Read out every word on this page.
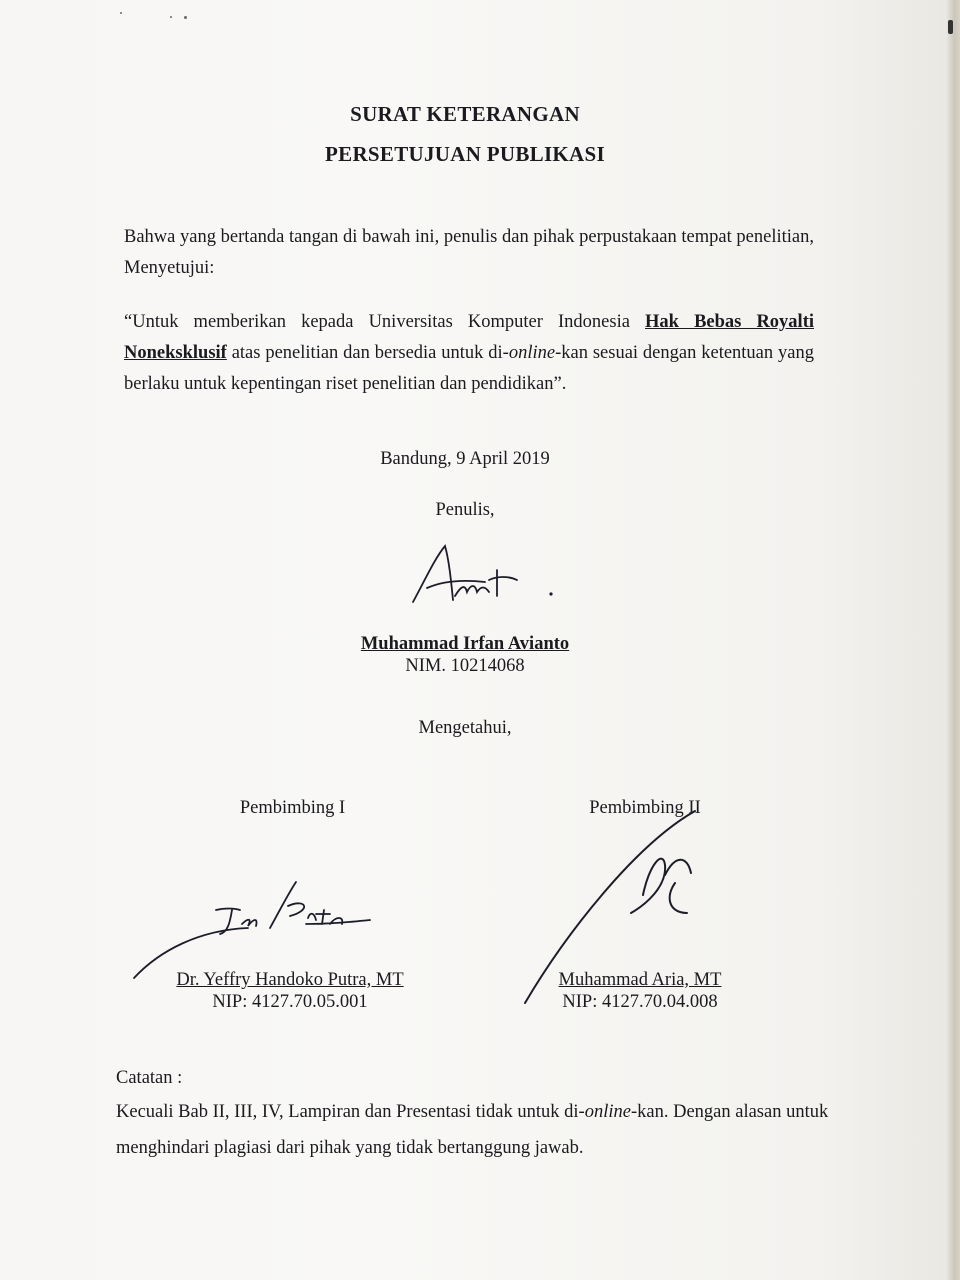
SURAT KETERANGAN
PERSETUJUAN PUBLIKASI
Bahwa yang bertanda tangan di bawah ini, penulis dan pihak perpustakaan tempat penelitian, Menyetujui:
“Untuk memberikan kepada Universitas Komputer Indonesia Hak Bebas Royalti Noneksklusif atas penelitian dan bersedia untuk di-online-kan sesuai dengan ketentuan yang berlaku untuk kepentingan riset penelitian dan pendidikan”.
Bandung, 9 April 2019
Penulis,
Muhammad Irfan Avianto
NIM. 10214068
Mengetahui,
Pembimbing I
Dr. Yeffry Handoko Putra, MT
NIP: 4127.70.05.001
Pembimbing II
Muhammad Aria, MT
NIP: 4127.70.04.008
Catatan :
Kecuali Bab II, III, IV, Lampiran dan Presentasi tidak untuk di-online-kan. Dengan alasan untuk menghindari plagiasi dari pihak yang tidak bertanggung jawab.
